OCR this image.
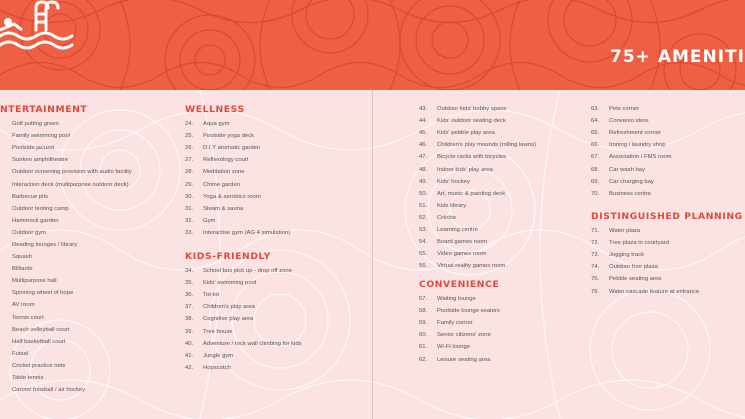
75+ AMENITI
NTERTAINMENT
Golf putting green
Family swimming pool
Poolside jacuzzi
Sunken amphitheatre
Outdoor screening provision with audio facility
Interaction deck (multipurpose outdoor deck)
Barbecue pits
Outdoor tenting camp
Hammock garden
Outdoor gym
Reading lounges / library
Squash
Billiards
Multipurpose hall
Spinning wheel of hope
AV room
Tennis court
Beach volleyball court
Half basketball court
Futsal
Cricket practice nets
Table tennis
Carom/ foosball / air hockey
WELLNESS
24.	Aqua gym
25.	Poolside yoga deck
26.	D.I.Y aromatic garden
27.	Reflexology court
28.	Meditation zone
29.	Chime garden
30.	Yoga & aerobics room
31.	Steam & sauna
32.	Gym
33.	Interactive gym (AG 4 simulation)
KIDS-FRIENDLY
34.	School bus pick up - drop off zone
35.	Kids' swimming pool
36.	Tot-lot
37.	Children's play area
38.	Cognitive play area
39.	Tree house
40.	Adventure / rock wall climbing for kids
41.	Jungle gym
42.	Hopscotch
43.	Outdoor kids' hobby space
44.	Kids' outdoor seating deck
45.	Kids' pebble play area
46.	Children's play mounds (rolling lawns)
47.	Bicycle racks with bicycles
48.	Indoor kids' play area
49.	Kids' hockey
50.	Art, music & painting deck
51.	Kids library
52.	Crèche
53.	Learning centre
54.	Board games room
55.	Video games room
56.	Virtual reality games room
CONVENIENCE
57.	Waiting lounge
58.	Poolside lounge seaters
59.	Family corner
60.	Senior citizens' zone
61.	Wi-Fi lounge
62.	Leisure seating area
63.	Pets corner
64.	Convenio store
65.	Refreshment corner
66.	Ironing / laundry shop
67.	Association / FMS room
68.	Car wash bay
69.	Car charging bay
70.	Business centre
DISTINGUISHED PLANNING
71.	Water plaza
72.	Tree plaza in courtyard
73.	Jogging track
74.	Outdoor free plaza
75.	Pebble seating area
76.	Water cascade feature at entrance
